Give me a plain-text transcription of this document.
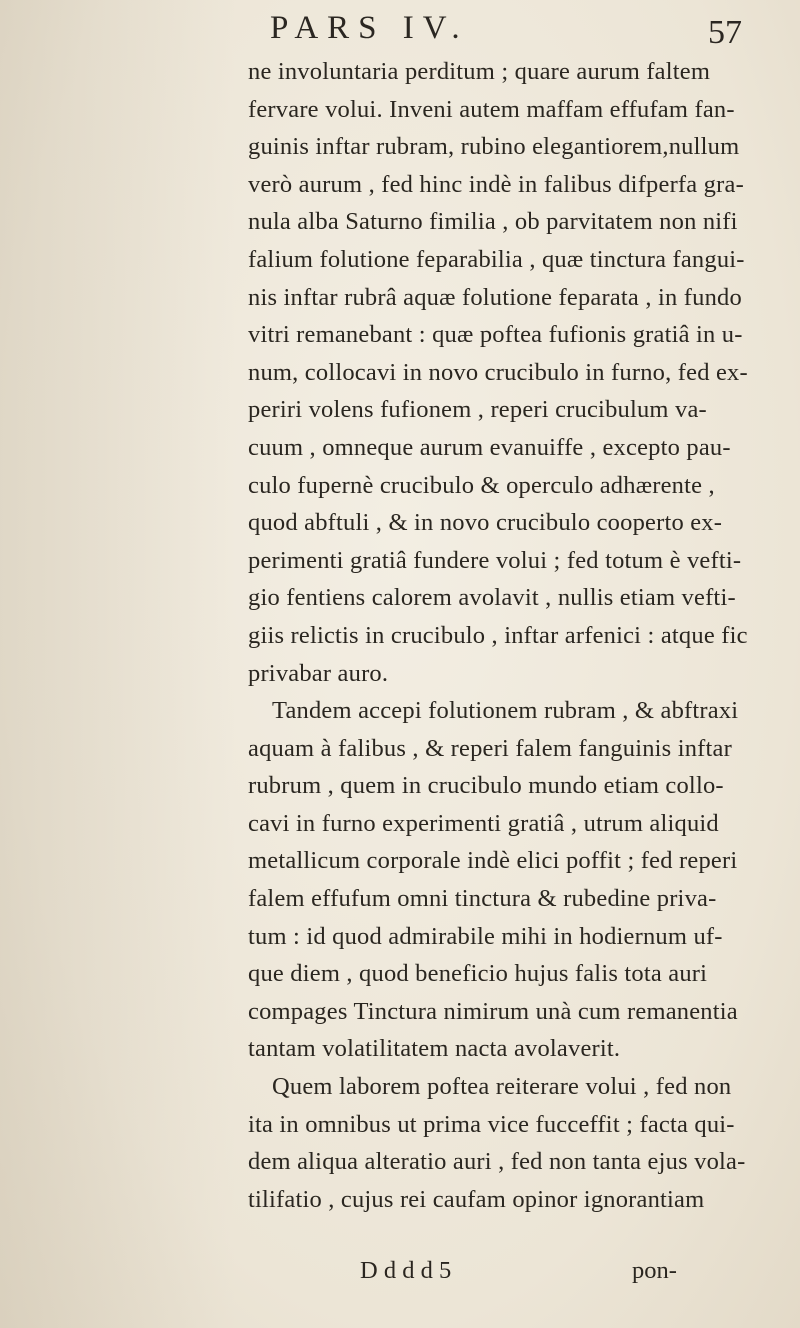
PARS IV.	57
ne involuntaria perditum ; quare aurum faltem
fervare volui. Inveni autem maffam effufam fan-
guinis inftar rubram, rubino elegantiorem,nullum
verò aurum , fed hinc indè in falibus difperfa gra-
nula alba Saturno fimilia , ob parvitatem non nifi
falium folutione feparabilia , quæ tinctura fangui-
nis inftar rubrâ aquæ folutione feparata , in fundo
vitri remanebant : quæ poftea fufionis gratiâ in u-
num, collocavi in novo crucibulo in furno, fed ex-
periri volens fufionem , reperi crucibulum va-
cuum , omneque aurum evanuiffe , excepto pau-
culo fupernè crucibulo & operculo adhærente ,
quod abftuli , & in novo crucibulo cooperto ex-
perimenti gratiâ fundere volui ; fed totum è vefti-
gio fentiens calorem avolavit , nullis etiam vefti-
giis relictis in crucibulo , inftar arfenici : atque fic
privabar auro.
Tandem accepi folutionem rubram , & abftraxi
aquam à falibus , & reperi falem fanguinis inftar
rubrum , quem in crucibulo mundo etiam collo-
cavi in furno experimenti gratiâ , utrum aliquid
metallicum corporale indè elici poffit ; fed reperi
falem effufum omni tinctura & rubedine priva-
tum : id quod admirabile mihi in hodiernum uf-
que diem , quod beneficio hujus falis tota auri
compages Tinctura nimirum unà cum remanentia
tantam volatilitatem nacta avolaverit.
Quem laborem poftea reiterare volui , fed non
ita in omnibus ut prima vice fucceffit ; facta qui-
dem aliqua alteratio auri , fed non tanta ejus vola-
tilifatio , cujus rei caufam opinor ignorantiam
D d d d 5	pon-
